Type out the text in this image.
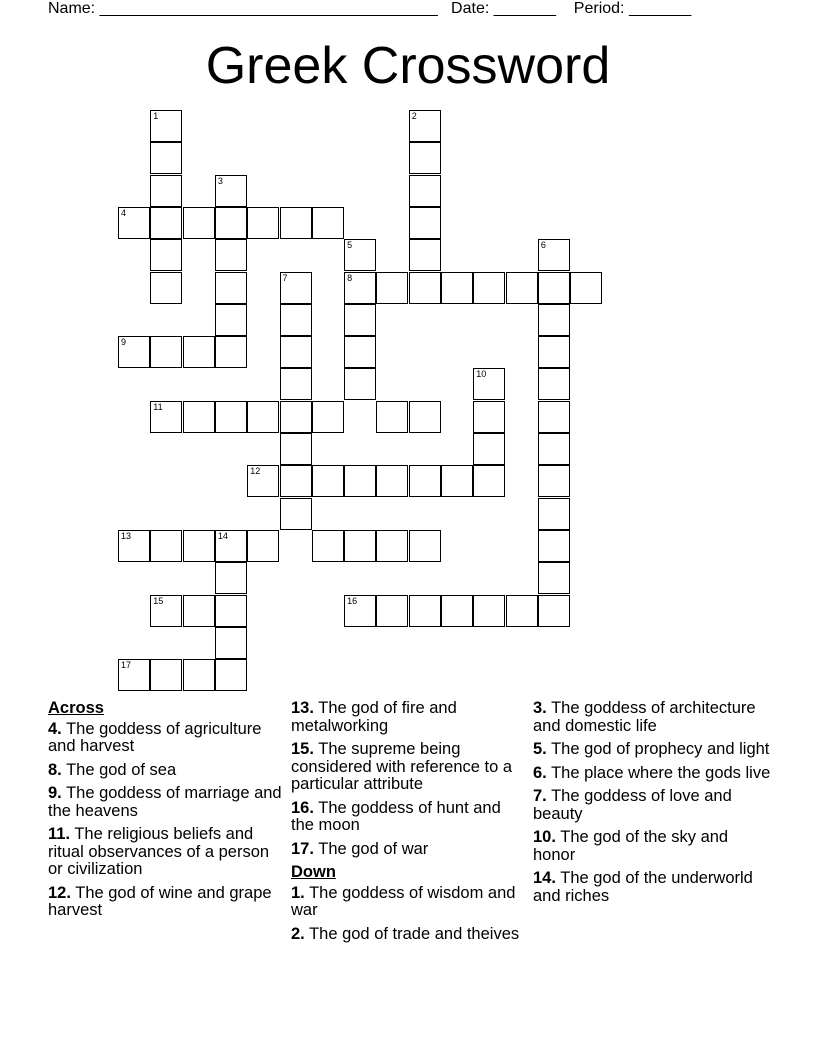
Name: ______________________________________   Date: _______    Period: _______
Greek Crossword
1	2
3
4
5
8
6
7
9
10
11
12
13	14
15	16
17
Across
4. The goddess of agriculture and harvest
8. The god of sea
9. The goddess of marriage and the heavens
11. The religious beliefs and ritual observances of a person or civilization
12. The god of wine and grape harvest
13. The god of fire and metalworking
15. The supreme being considered with reference to a particular attribute
16. The goddess of hunt and the moon
17. The god of war
Down
1. The goddess of wisdom and war
2. The god of trade and theives
3. The goddess of architecture and domestic life
5. The god of prophecy and light
6. The place where the gods live
7. The goddess of love and beauty
10. The god of the sky and honor
14. The god of the underworld and riches
